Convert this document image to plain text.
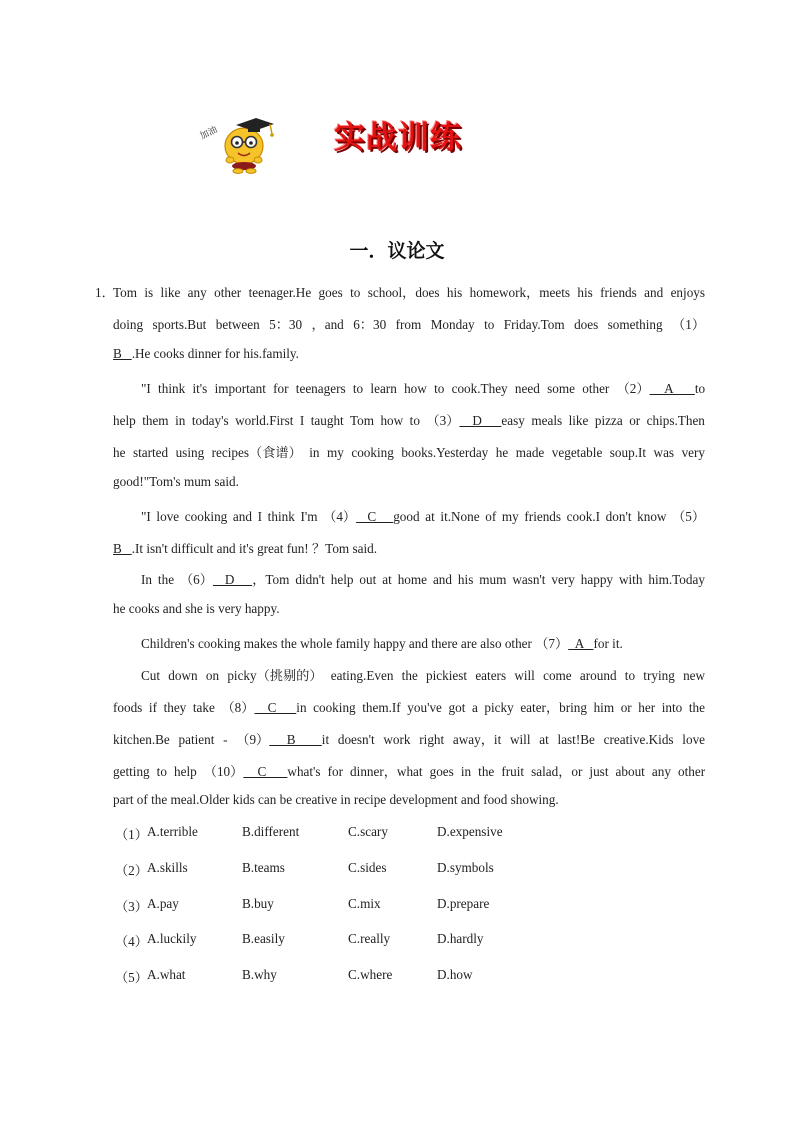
加油	实战训练
一．议论文
1．
Tom is like any other teenager.He goes to school，does his homework，meets his friends and enjoys
doing sports.But between 5：30 ，and 6：30 from Monday to Friday.Tom does something （1）
B   .He cooks dinner for his.family.
"I think it's important for teenagers to learn how to cook.They need some other （2）  A   to
help them in today's world.First I taught Tom how to （3）  D   easy meals like pizza or chips.Then
he started using recipes（食谱） in my cooking books.Yesterday he made vegetable soup.It was very
good!"Tom's mum said.
"I love cooking and I think I'm （4）  C   good at it.None of my friends cook.I don't know （5）
B   .It isn't difficult and it's great fun! ？Tom said.
In the （6）  D   ，Tom didn't help out at home and his mum wasn't very happy with him.Today
he cooks and she is very happy.
Children's cooking makes the whole family happy and there are also other （7）  A   for it.
Cut down on picky（挑剔的） eating.Even the pickiest eaters will come around to trying new
foods if they take （8）  C   in cooking them.If you've got a picky eater，bring him or her into the
kitchen.Be patient - （9）  B   it doesn't work right away，it will at last!Be creative.Kids love
getting to help （10）  C   what's for dinner，what goes in the fruit salad，or just about any other
part of the meal.Older kids can be creative in recipe development and food showing.
（1） A.terrible	B.different	C.scary	D.expensive
（2） A.skills	B.teams	C.sides	D.symbols
（3） A.pay	B.buy	C.mix	D.prepare
（4） A.luckily	B.easily	C.really	D.hardly
（5） A.what	B.why	C.where	D.how
